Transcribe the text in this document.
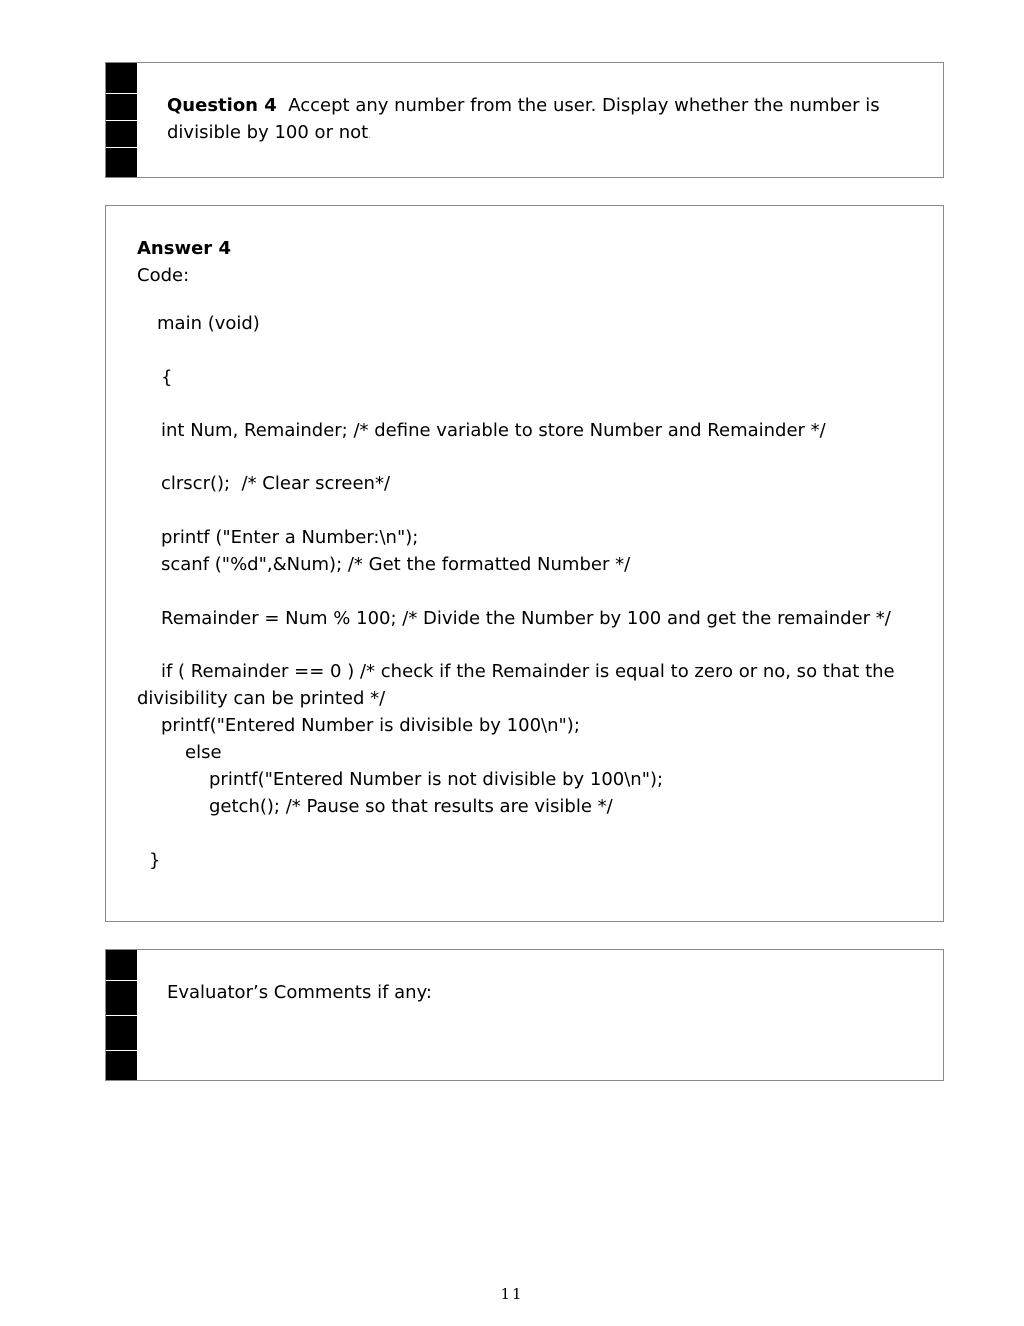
Question 4 Accept any number from the user. Display whether the number is divisible by 100 or not.
Answer 4
Code:
main (void)
{
int Num, Remainder; /* define variable to store Number and Remainder */
clrscr();  /* Clear screen*/
printf ("Enter a Number:\n");
scanf ("%d",&Num); /* Get the formatted Number */
Remainder = Num % 100; /* Divide the Number by 100 and get the remainder */
if ( Remainder == 0 ) /* check if the Remainder is equal to zero or no, so that the
divisibility can be printed */
printf("Entered Number is divisible by 100\n");
else
printf("Entered Number is not divisible by 100\n");
getch(); /* Pause so that results are visible */
}
Evaluator’s Comments if any:
11
